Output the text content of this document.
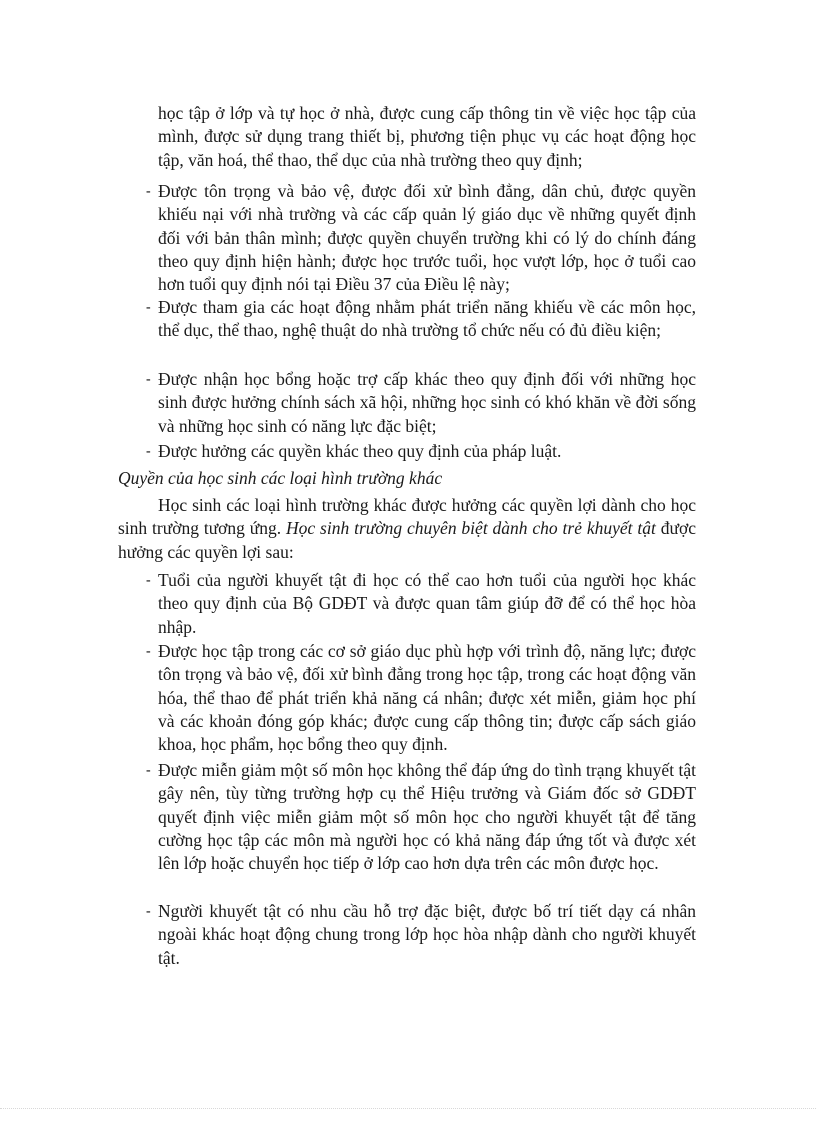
học tập ở lớp và tự học ở nhà, được cung cấp thông tin về việc học tập của mình, được sử dụng trang thiết bị, phương tiện phục vụ các hoạt động học tập, văn hoá, thể thao, thể dục của nhà trường theo quy định;

- Được tôn trọng và bảo vệ, được đối xử bình đẳng, dân chủ, được quyền khiếu nại với nhà trường và các cấp quản lý giáo dục về những quyết định đối với bản thân mình; được quyền chuyển trường khi có lý do chính đáng theo quy định hiện hành; được học trước tuổi, học vượt lớp, học ở tuổi cao hơn tuổi quy định nói tại Điều 37 của Điều lệ này;

- Được tham gia các hoạt động nhằm phát triển năng khiếu về các môn học, thể dục, thể thao, nghệ thuật do nhà trường tổ chức nếu có đủ điều kiện;

- Được nhận học bổng hoặc trợ cấp khác theo quy định đối với những học sinh được hưởng chính sách xã hội, những học sinh có khó khăn về đời sống và những học sinh có năng lực đặc biệt;

- Được hưởng các quyền khác theo quy định của pháp luật.

Quyền của học sinh các loại hình trường khác

Học sinh các loại hình trường khác được hưởng các quyền lợi dành cho học sinh trường tương ứng. Học sinh trường chuyên biệt dành cho trẻ khuyết tật được hưởng các quyền lợi sau:

- Tuổi của người khuyết tật đi học có thể cao hơn tuổi của người học khác theo quy định của Bộ GDĐT và được quan tâm giúp đỡ để có thể học hòa nhập.

- Được học tập trong các cơ sở giáo dục phù hợp với trình độ, năng lực; được tôn trọng và bảo vệ, đối xử bình đẳng trong học tập, trong các hoạt động văn hóa, thể thao để phát triển khả năng cá nhân; được xét miễn, giảm học phí và các khoản đóng góp khác; được cung cấp thông tin; được cấp sách giáo khoa, học phẩm, học bổng theo quy định.

- Được miễn giảm một số môn học không thể đáp ứng do tình trạng khuyết tật gây nên, tùy từng trường hợp cụ thể Hiệu trưởng và Giám đốc sở GDĐT quyết định việc miễn giảm một số môn học cho người khuyết tật để tăng cường học tập các môn mà người học có khả năng đáp ứng tốt và được xét lên lớp hoặc chuyển học tiếp ở lớp cao hơn dựa trên các môn được học.

- Người khuyết tật có nhu cầu hỗ trợ đặc biệt, được bố trí tiết dạy cá nhân ngoài khác hoạt động chung trong lớp học hòa nhập dành cho người khuyết tật.
